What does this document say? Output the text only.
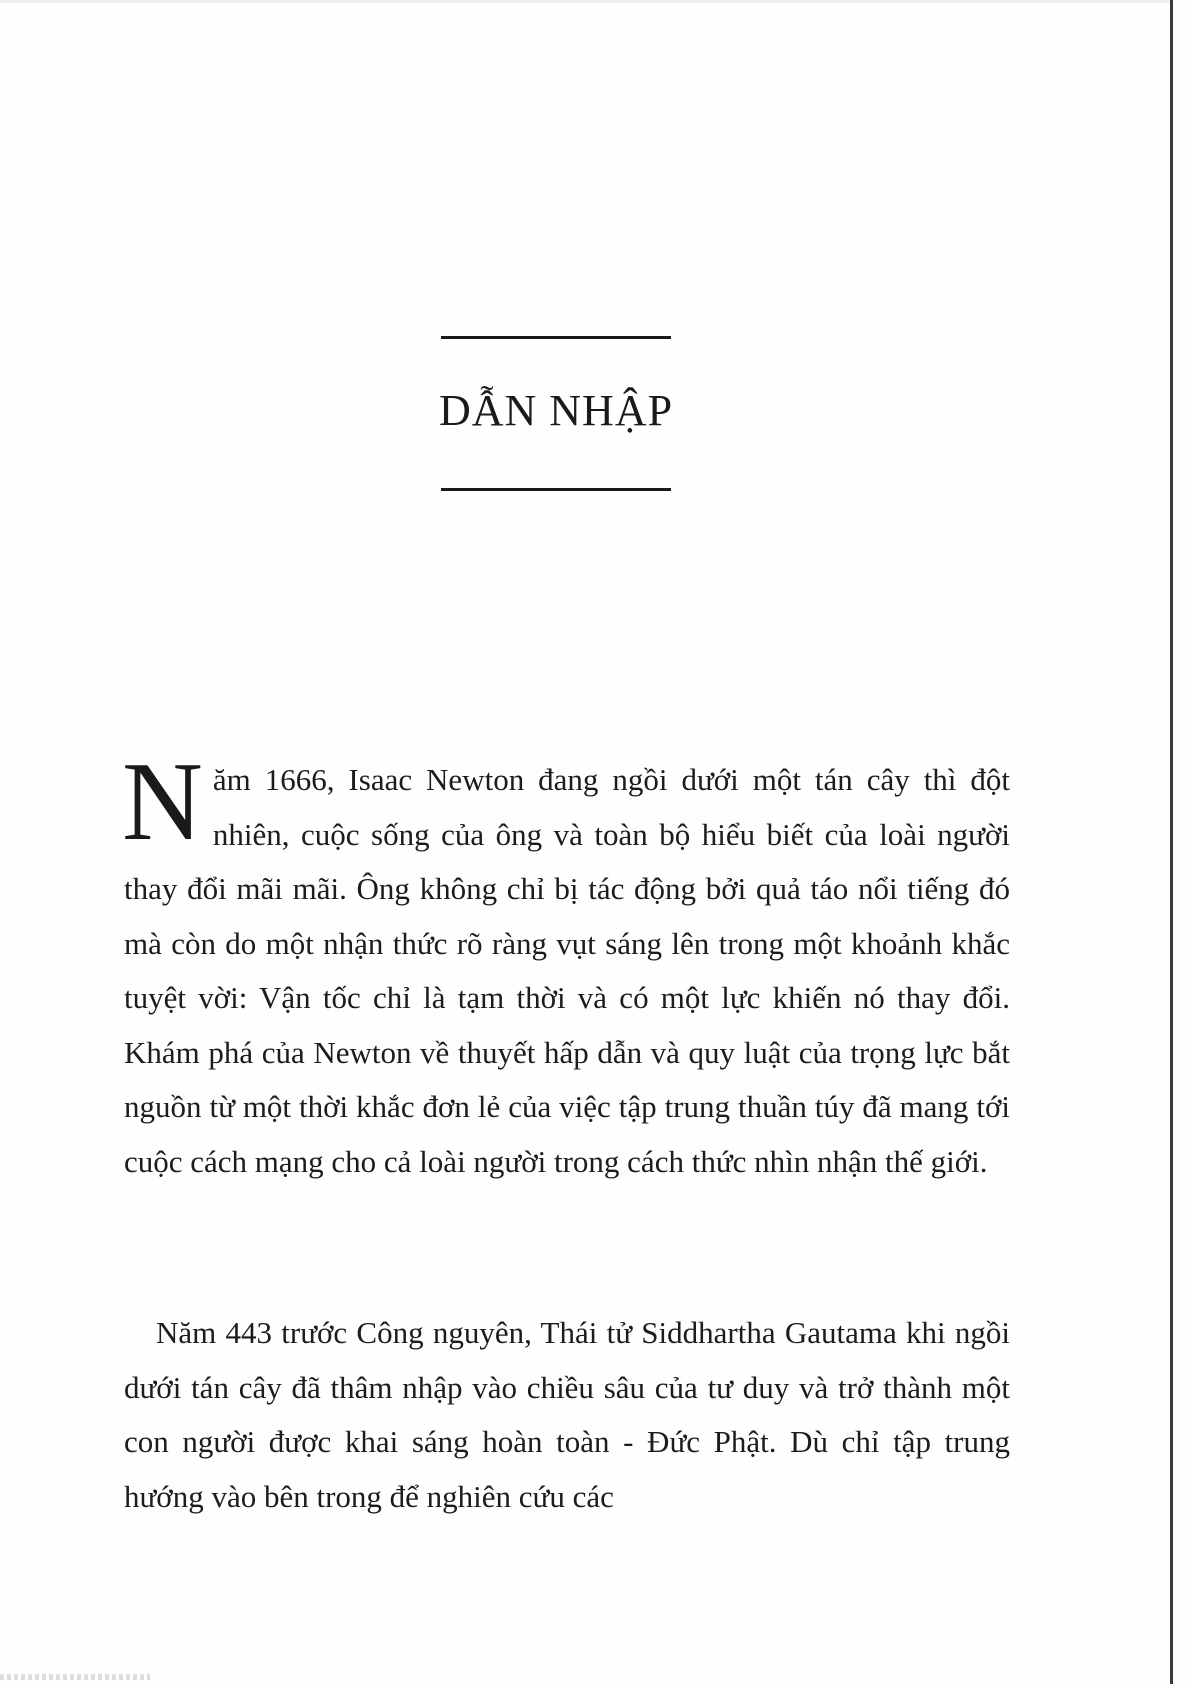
DẪN NHẬP
Năm 1666, Isaac Newton đang ngồi dưới một tán cây thì đột nhiên, cuộc sống của ông và toàn bộ hiểu biết của loài người thay đổi mãi mãi. Ông không chỉ bị tác động bởi quả táo nổi tiếng đó mà còn do một nhận thức rõ ràng vụt sáng lên trong một khoảnh khắc tuyệt vời: Vận tốc chỉ là tạm thời và có một lực khiến nó thay đổi. Khám phá của Newton về thuyết hấp dẫn và quy luật của trọng lực bắt nguồn từ một thời khắc đơn lẻ của việc tập trung thuần túy đã mang tới cuộc cách mạng cho cả loài người trong cách thức nhìn nhận thế giới.
Năm 443 trước Công nguyên, Thái tử Siddhartha Gautama khi ngồi dưới tán cây đã thâm nhập vào chiều sâu của tư duy và trở thành một con người được khai sáng hoàn toàn - Đức Phật. Dù chỉ tập trung hướng vào bên trong để nghiên cứu các
